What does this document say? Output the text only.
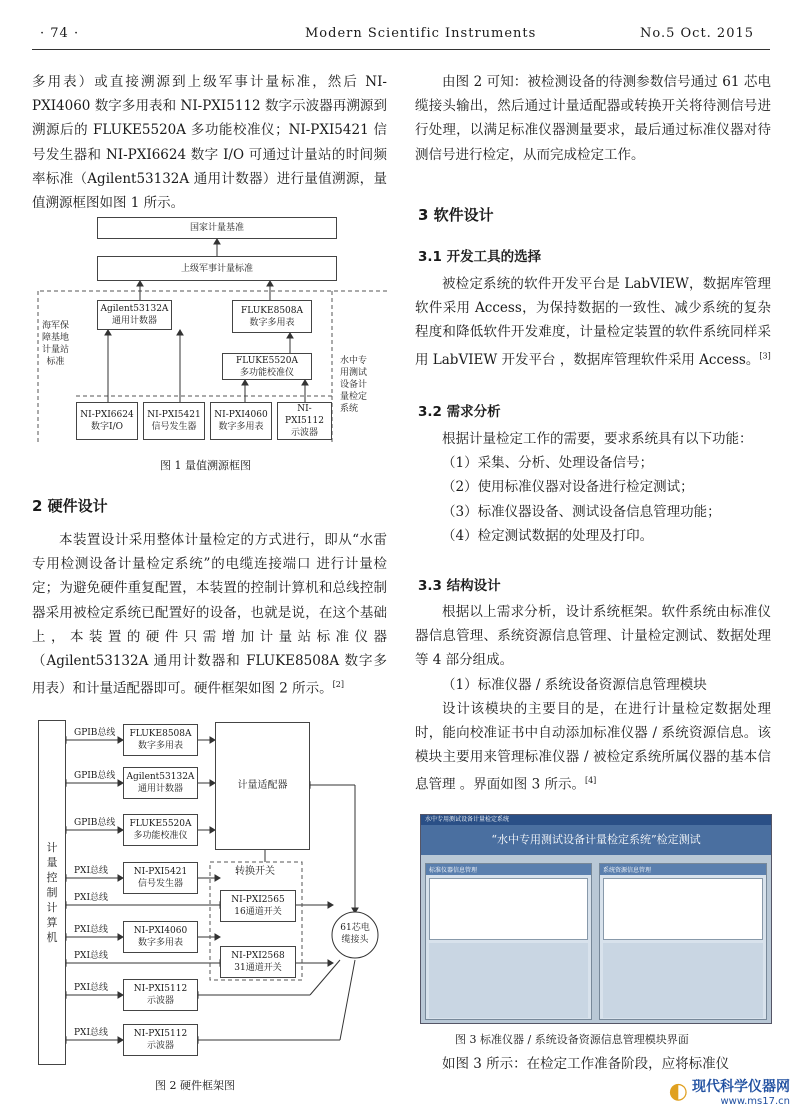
· 74 ·	Modern Scientific Instruments	No.5 Oct. 2015

多用表）或直接溯源到上级军事计量标准，然后 NI-PXI4060 数字多用表和 NI-PXI5112 数字示波器再溯源到溯源后的 FLUKE5520A 多功能校准仪；NI-PXI5421 信号发生器和 NI-PXI6624 数字 I/O 可通过计量站的时间频率标准（Agilent53132A 通用计数器）进行量值溯源，量值溯源框图如图 1 所示。

国家计量基准
上级军事计量标准
Agilent53132A
通用计数器
FLUKE8508A
数字多用表
FLUKE5520A
多功能校准仪
NI-PXI6624
数字I/O
NI-PXI5421
信号发生器
NI-PXI4060
数字多用表
NI-PXI5112
示波器
海军保
障基地
计量站
标准	水中专
用测试
设备计
量检定
系统
图 1 量值溯源框图
2 硬件设计

本装置设计采用整体计量检定的方式进行，即从“水雷专用检测设备计量检定系统”的电缆连接端口 进行计量检定；为避免硬件重复配置，本装置的控制计算机和总线控制器采用被检定系统已配置好的设备，也就是说，在这个基础上，本装置的硬件只需增加计量站标准仪器（Agilent53132A 通用计数器和 FLUKE8508A 数字多用表）和计量适配器即可。硬件框架如图 2 所示。[2]

计
量
控
制
计
算
机
GPIB总线
GPIB总线
GPIB总线
PXI总线
PXI总线
PXI总线
PXI总线
PXI总线
PXI总线
FLUKE8508A
数字多用表
Agilent53132A
通用计数器
FLUKE5520A
多功能校准仪
NI-PXI5421
信号发生器
NI-PXI4060
数字多用表
NI-PXI5112
示波器
NI-PXI5112
示波器
计量适配器
转换开关
NI-PXI2565
16通道开关
NI-PXI2568
31通道开关
61芯电
缆接头
图 2 硬件框架图

由图 2 可知：被检测设备的待测参数信号通过 61 芯电缆接头输出，然后通过计量适配器或转换开关将待测信号进行处理，以满足标准仪器测量要求，最后通过标准仪器对待测信号进行检定，从而完成检定工作。

3 软件设计
3.1 开发工具的选择

被检定系统的软件开发平台是 LabVIEW，数据库管理软件采用 Access，为保持数据的一致性、减少系统的复杂程度和降低软件开发难度，计量检定装置的软件系统同样采用 LabVIEW 开发平台 ，数据库管理软件采用 Access。[3]

3.2 需求分析

根据计量检定工作的需要，要求系统具有以下功能：

（1）采集、分析、处理设备信号；

（2）使用标准仪器对设备进行检定测试；

（3）标准仪器设备、测试设备信息管理功能；

（4）检定测试数据的处理及打印。

3.3 结构设计

根据以上需求分析，设计系统框架。软件系统由标准仪器信息管理、系统资源信息管理、计量检定测试、数据处理等 4 部分组成。

（1）标准仪器 / 系统设备资源信息管理模块

设计该模块的主要目的是，在进行计量检定数据处理时，能向校准证书中自动添加标准仪器 / 系统资源信息。该模块主要用来管理标准仪器 / 被检定系统所属仪器的基本信息管理 。界面如图 3 所示。[4]

水中专用测试设备计量检定系统
“水中专用测试设备计量检定系统”检定测试
标准仪器信息管理	系统资源信息管理
图 3 标准仪器 / 系统设备资源信息管理模块界面

如图 3 所示：在检定工作准备阶段，应将标准仪

◐ 现代科学仪器网
www.ms17.cn
